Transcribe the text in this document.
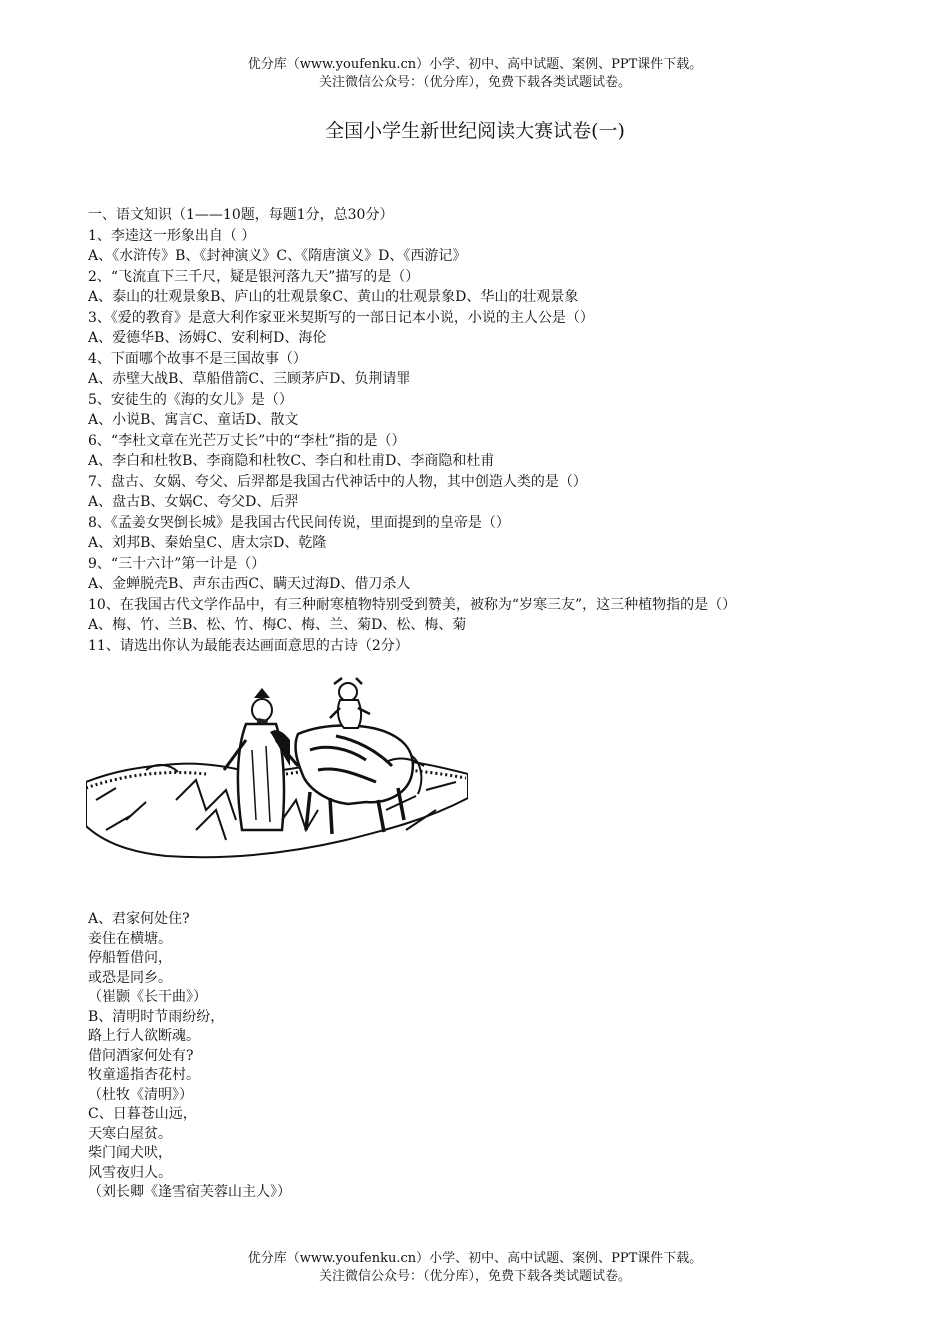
优分库（www.youfenku.cn）小学、初中、高中试题、案例、PPT课件下载。
关注微信公众号：（优分库），免费下载各类试题试卷。
全国小学生新世纪阅读大赛试卷(一)
一、语文知识（1——10题，每题1分，总30分）
1、李逵这一形象出自（ ）
A、《水浒传》B、《封神演义》C、《隋唐演义》D、《西游记》
2、“飞流直下三千尺，疑是银河落九天”描写的是（）
A、泰山的壮观景象B、庐山的壮观景象C、黄山的壮观景象D、华山的壮观景象
3、《爱的教育》是意大利作家亚米契斯写的一部日记本小说，小说的主人公是（）
A、爱德华B、汤姆C、安利柯D、海伦
4、下面哪个故事不是三国故事（）
A、赤壁大战B、草船借箭C、三顾茅庐D、负荆请罪
5、安徒生的《海的女儿》是（）
A、小说B、寓言C、童话D、散文
6、“李杜文章在光芒万丈长”中的“李杜”指的是（）
A、李白和杜牧B、李商隐和杜牧C、李白和杜甫D、李商隐和杜甫
7、盘古、女娲、夸父、后羿都是我国古代神话中的人物，其中创造人类的是（）
A、盘古B、女娲C、夸父D、后羿
8、《孟姜女哭倒长城》是我国古代民间传说，里面提到的皇帝是（）
A、刘邦B、秦始皇C、唐太宗D、乾隆
9、“三十六计”第一计是（）
A、金蝉脱壳B、声东击西C、瞒天过海D、借刀杀人
10、在我国古代文学作品中，有三种耐寒植物特别受到赞美，被称为“岁寒三友”，这三种植物指的是（）
A、梅、竹、兰B、松、竹、梅C、梅、兰、菊D、松、梅、菊
11、请选出你认为最能表达画面意思的古诗（2分）
A、君家何处住?
妾住在横塘。
停船暂借问，
或恐是同乡。
（崔颢《长干曲》）
B、清明时节雨纷纷，
路上行人欲断魂。
借问酒家何处有?
牧童遥指杏花村。
（杜牧《清明》）
C、日暮苍山远，
天寒白屋贫。
柴门闻犬吠，
风雪夜归人。
（刘长卿《逢雪宿芙蓉山主人》）
优分库（www.youfenku.cn）小学、初中、高中试题、案例、PPT课件下载。
关注微信公众号：（优分库），免费下载各类试题试卷。
